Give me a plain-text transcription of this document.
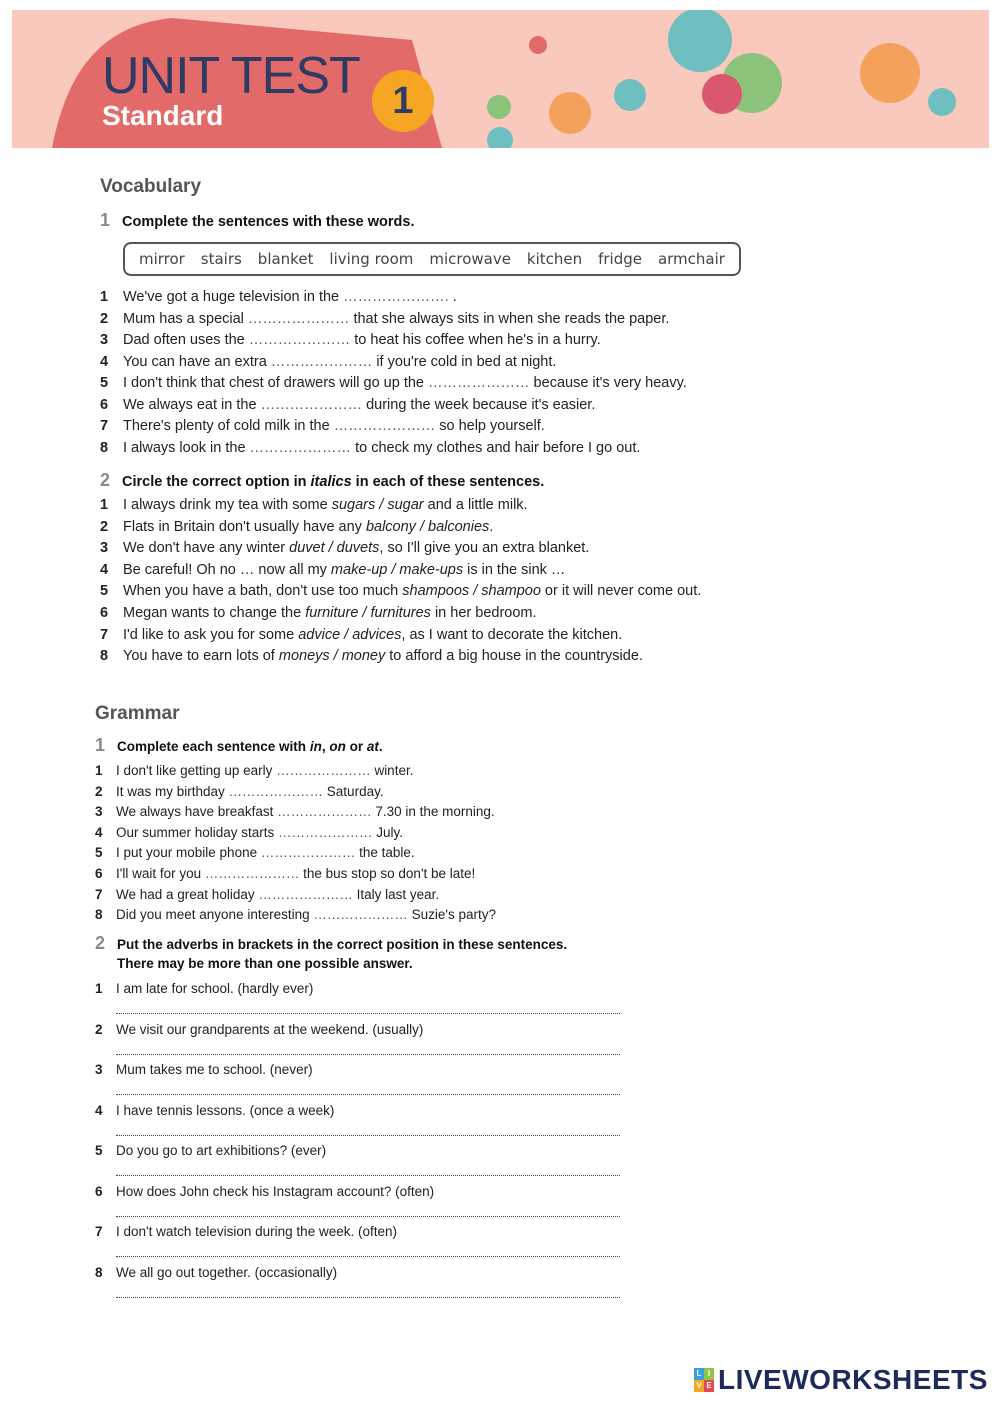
UNIT TEST
Standard	1
Vocabulary
1 Complete the sentences with these words.
mirror stairs blanket living room microwave kitchen fridge armchair
1 We've got a huge television in the …………………. .
2 Mum has a special ………………… that she always sits in when she reads the paper.
3 Dad often uses the ………………… to heat his coffee when he's in a hurry.
4 You can have an extra ………………… if you're cold in bed at night.
5 I don't think that chest of drawers will go up the ………………… because it's very heavy.
6 We always eat in the ………………… during the week because it's easier.
7 There's plenty of cold milk in the ………………… so help yourself.
8 I always look in the ………………… to check my clothes and hair before I go out.
2 Circle the correct option in italics in each of these sentences.
1 I always drink my tea with some sugars / sugar and a little milk.
2 Flats in Britain don't usually have any balcony / balconies.
3 We don't have any winter duvet / duvets, so I'll give you an extra blanket.
4 Be careful! Oh no … now all my make-up / make-ups is in the sink …
5 When you have a bath, don't use too much shampoos / shampoo or it will never come out.
6 Megan wants to change the furniture / furnitures in her bedroom.
7 I'd like to ask you for some advice / advices, as I want to decorate the kitchen.
8 You have to earn lots of moneys / money to afford a big house in the countryside.
Grammar
1 Complete each sentence with in, on or at.
1 I don't like getting up early ………………… winter.
2 It was my birthday ………………… Saturday.
3 We always have breakfast ………………… 7.30 in the morning.
4 Our summer holiday starts ………………… July.
5 I put your mobile phone ………………… the table.
6 I'll wait for you ………………… the bus stop so don't be late!
7 We had a great holiday ………………… Italy last year.
8 Did you meet anyone interesting ………………… Suzie's party?
2 Put the adverbs in brackets in the correct position in these sentences.
There may be more than one possible answer.
1 I am late for school. (hardly ever)
2 We visit our grandparents at the weekend. (usually)
3 Mum takes me to school. (never)
4 I have tennis lessons. (once a week)
5 Do you go to art exhibitions? (ever)
6 How does John check his Instagram account? (often)
7 I don't watch television during the week. (often)
8 We all go out together. (occasionally)
L I
V E LIVEWORKSHEETS
